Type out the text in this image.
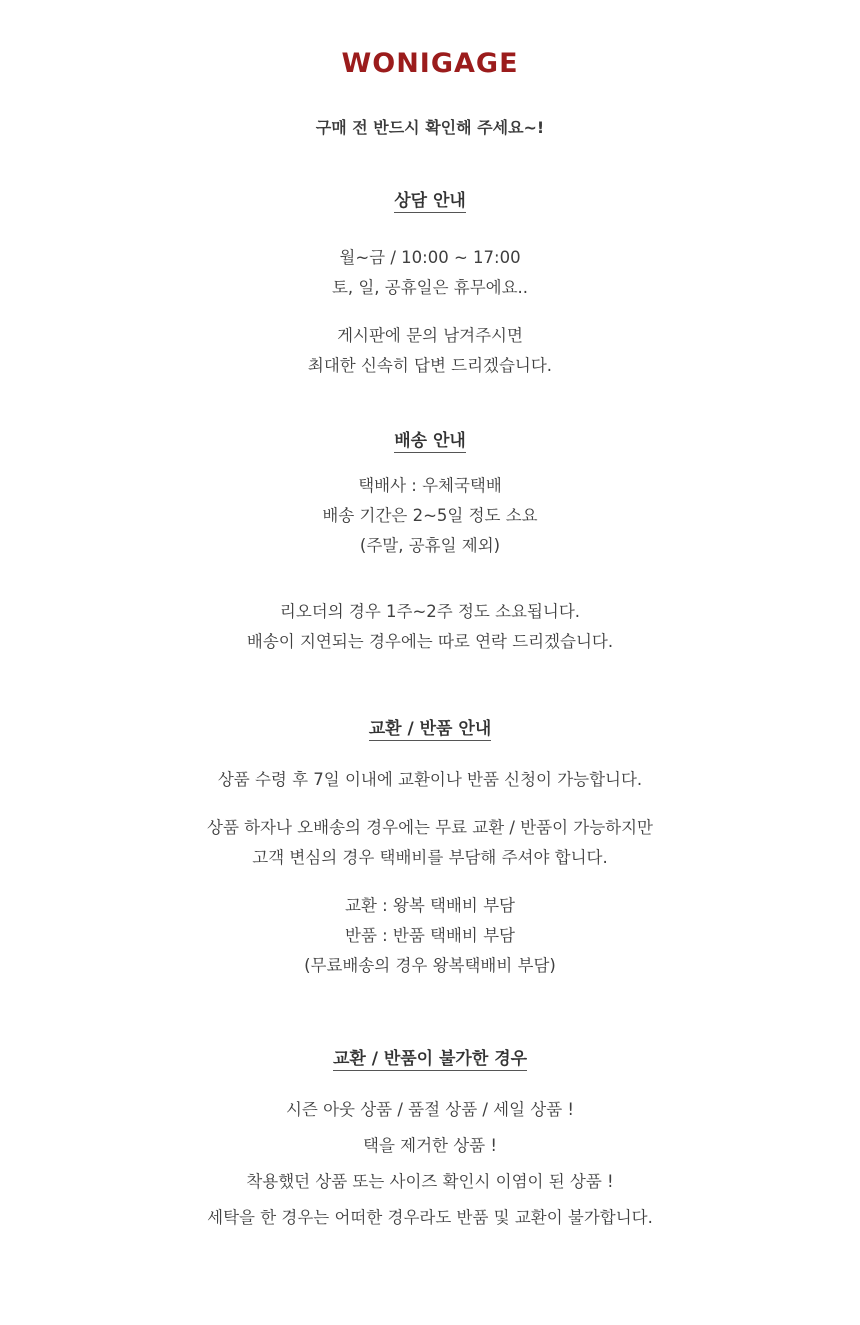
WONIGAGE
구매 전 반드시 확인해 주세요~!
상담 안내
월~금 / 10:00 ~ 17:00
토, 일, 공휴일은 휴무에요..
게시판에 문의 남겨주시면
최대한 신속히 답변 드리겠습니다.
배송 안내
택배사 : 우체국택배
배송 기간은 2~5일 정도 소요
(주말, 공휴일 제외)
리오더의 경우 1주~2주 정도 소요됩니다.
배송이 지연되는 경우에는 따로 연락 드리겠습니다.
교환 / 반품 안내
상품 수령 후 7일 이내에 교환이나 반품 신청이 가능합니다.
상품 하자나 오배송의 경우에는 무료 교환 / 반품이 가능하지만
고객 변심의 경우 택배비를 부담해 주셔야 합니다.
교환 : 왕복 택배비 부담
반품 : 반품 택배비 부담
(무료배송의 경우 왕복택배비 부담)
교환 / 반품이 불가한 경우
시즌 아웃 상품 / 품절 상품 / 세일 상품 !
택을 제거한 상품 !
착용했던 상품 또는 사이즈 확인시 이염이 된 상품 !
세탁을 한 경우는 어떠한 경우라도 반품 및 교환이 불가합니다.
